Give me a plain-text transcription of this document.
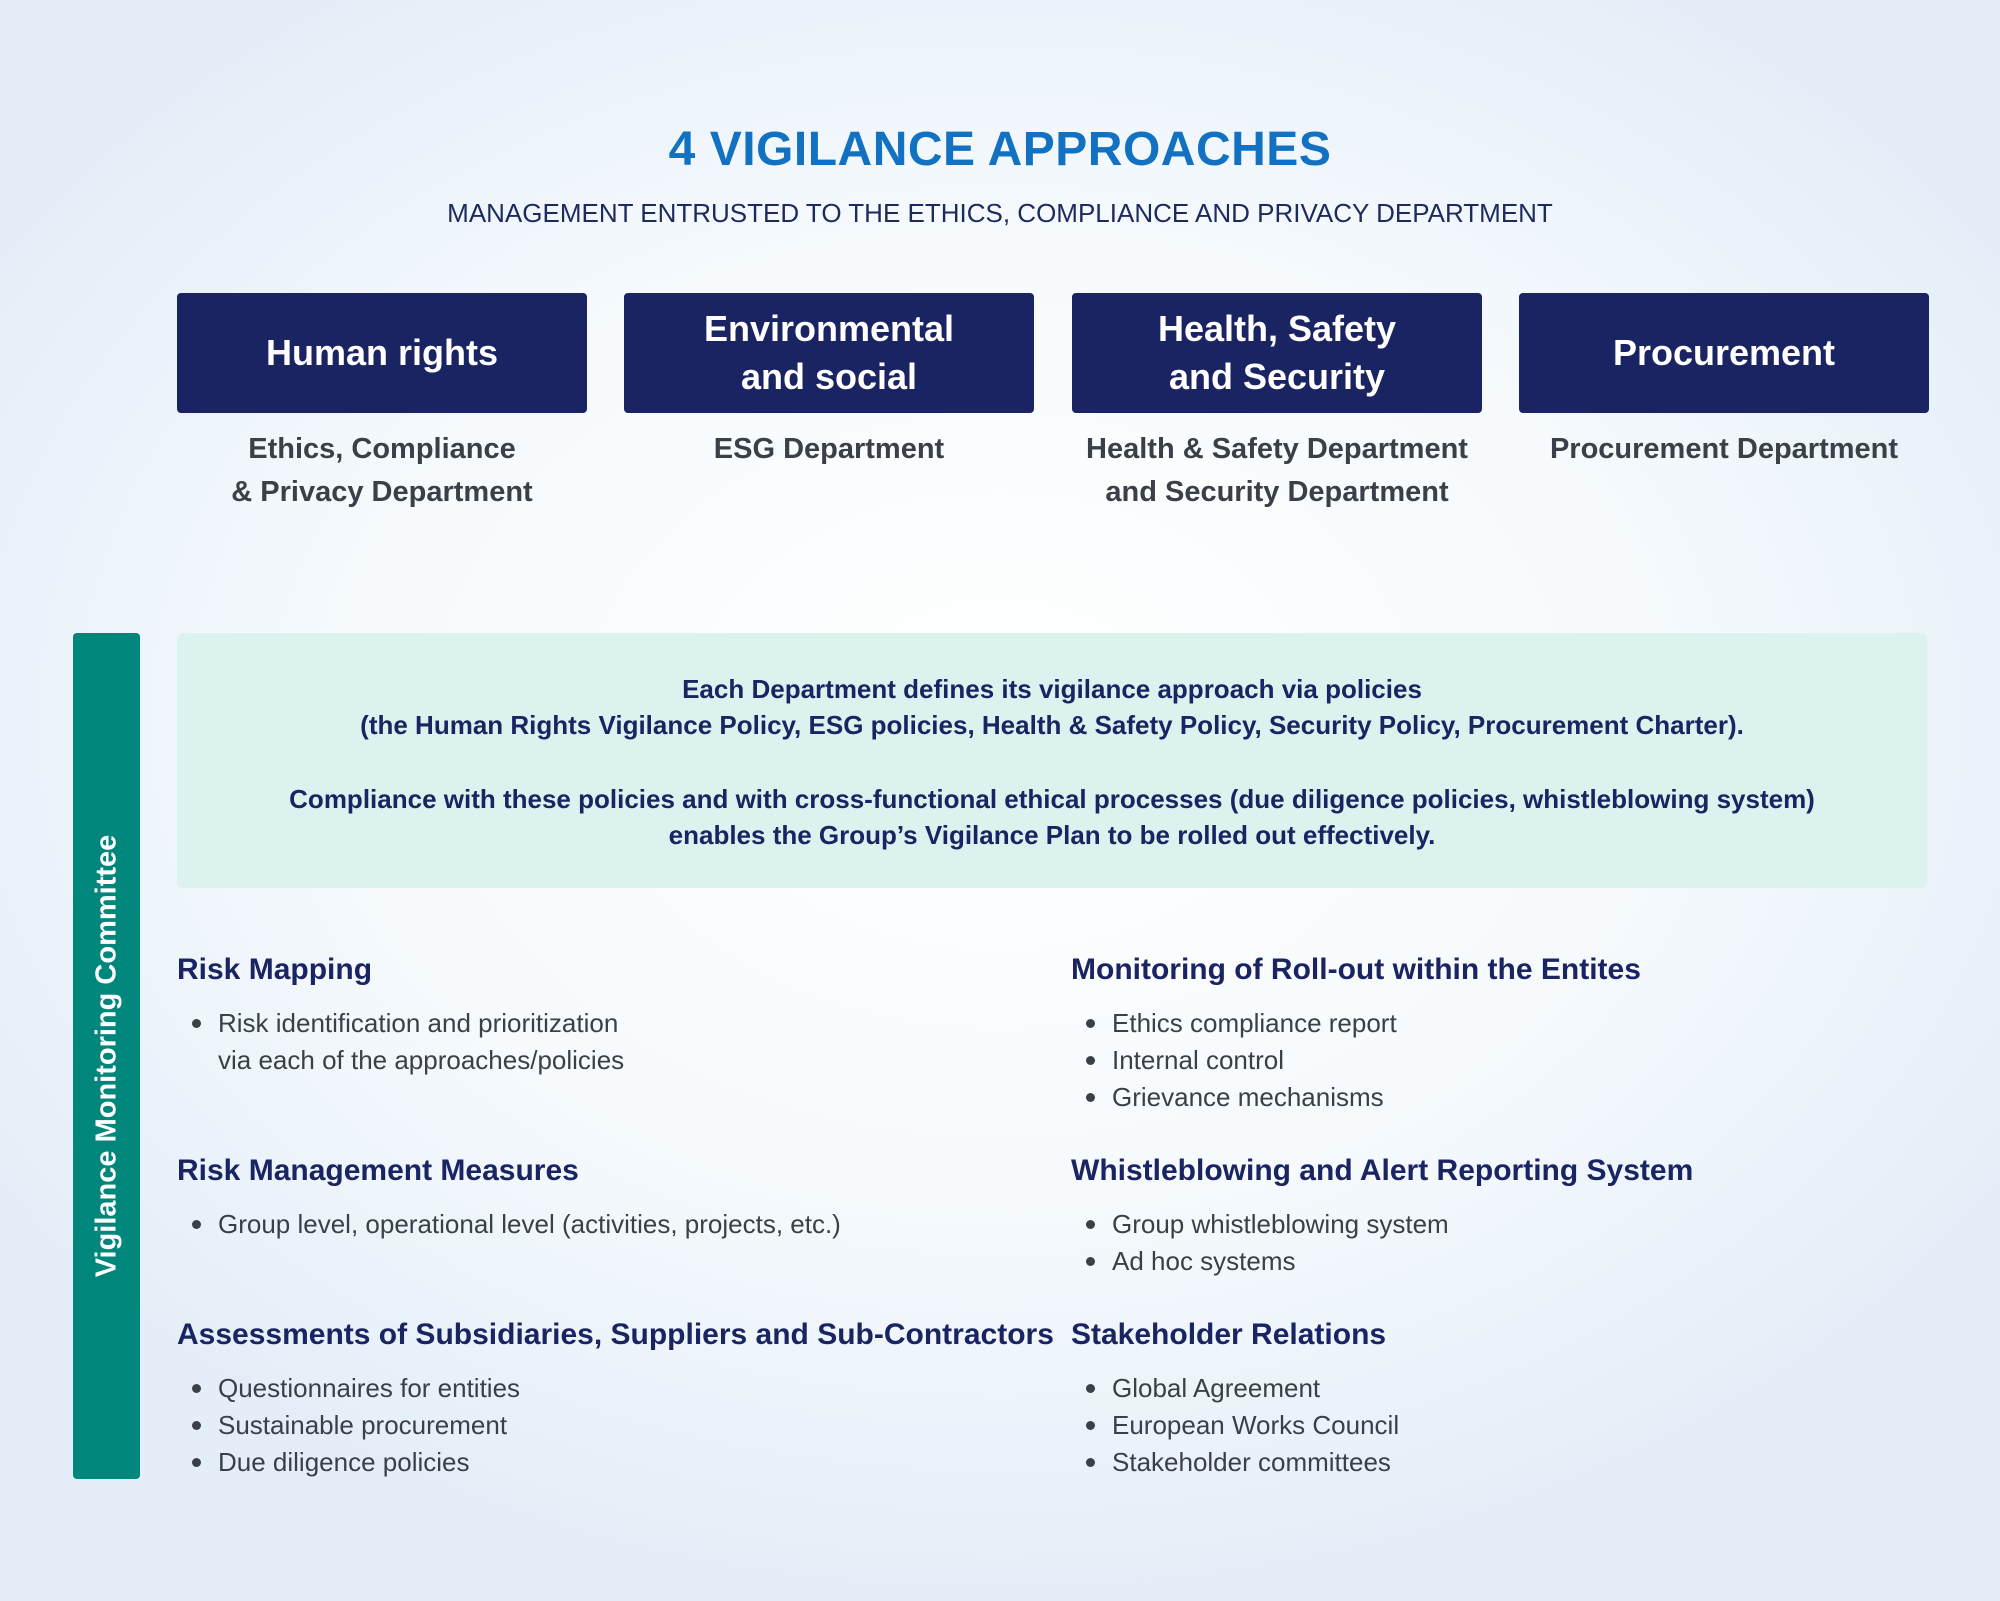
4 VIGILANCE APPROACHES

MANAGEMENT ENTRUSTED TO THE ETHICS, COMPLIANCE AND PRIVACY DEPARTMENT

Human rights
Environmental
and social
Health, Safety
and Security
Procurement
Ethics, Compliance
& Privacy Department
ESG Department	Health & Safety Department
and Security Department
Procurement Department
Vigilance Monitoring Committee

Each Department defines its vigilance approach via policies

(the Human Rights Vigilance Policy, ESG policies, Health & Safety Policy, Security Policy, Procurement Charter).

Compliance with these policies and with cross-functional ethical processes (due diligence policies, whistleblowing system)

enables the Group’s Vigilance Plan to be rolled out effectively.

Risk Mapping
Risk identification and prioritization
via each of the approaches/policies
Risk Management Measures
Group level, operational level (activities, projects, etc.)
Assessments of Subsidiaries, Suppliers and Sub-Contractors
Questionnaires for entities
Sustainable procurement
Due diligence policies
Monitoring of Roll-out within the Entites
Ethics compliance report
Internal control
Grievance mechanisms
Whistleblowing and Alert Reporting System
Group whistleblowing system
Ad hoc systems
Stakeholder Relations
Global Agreement
European Works Council
Stakeholder committees
